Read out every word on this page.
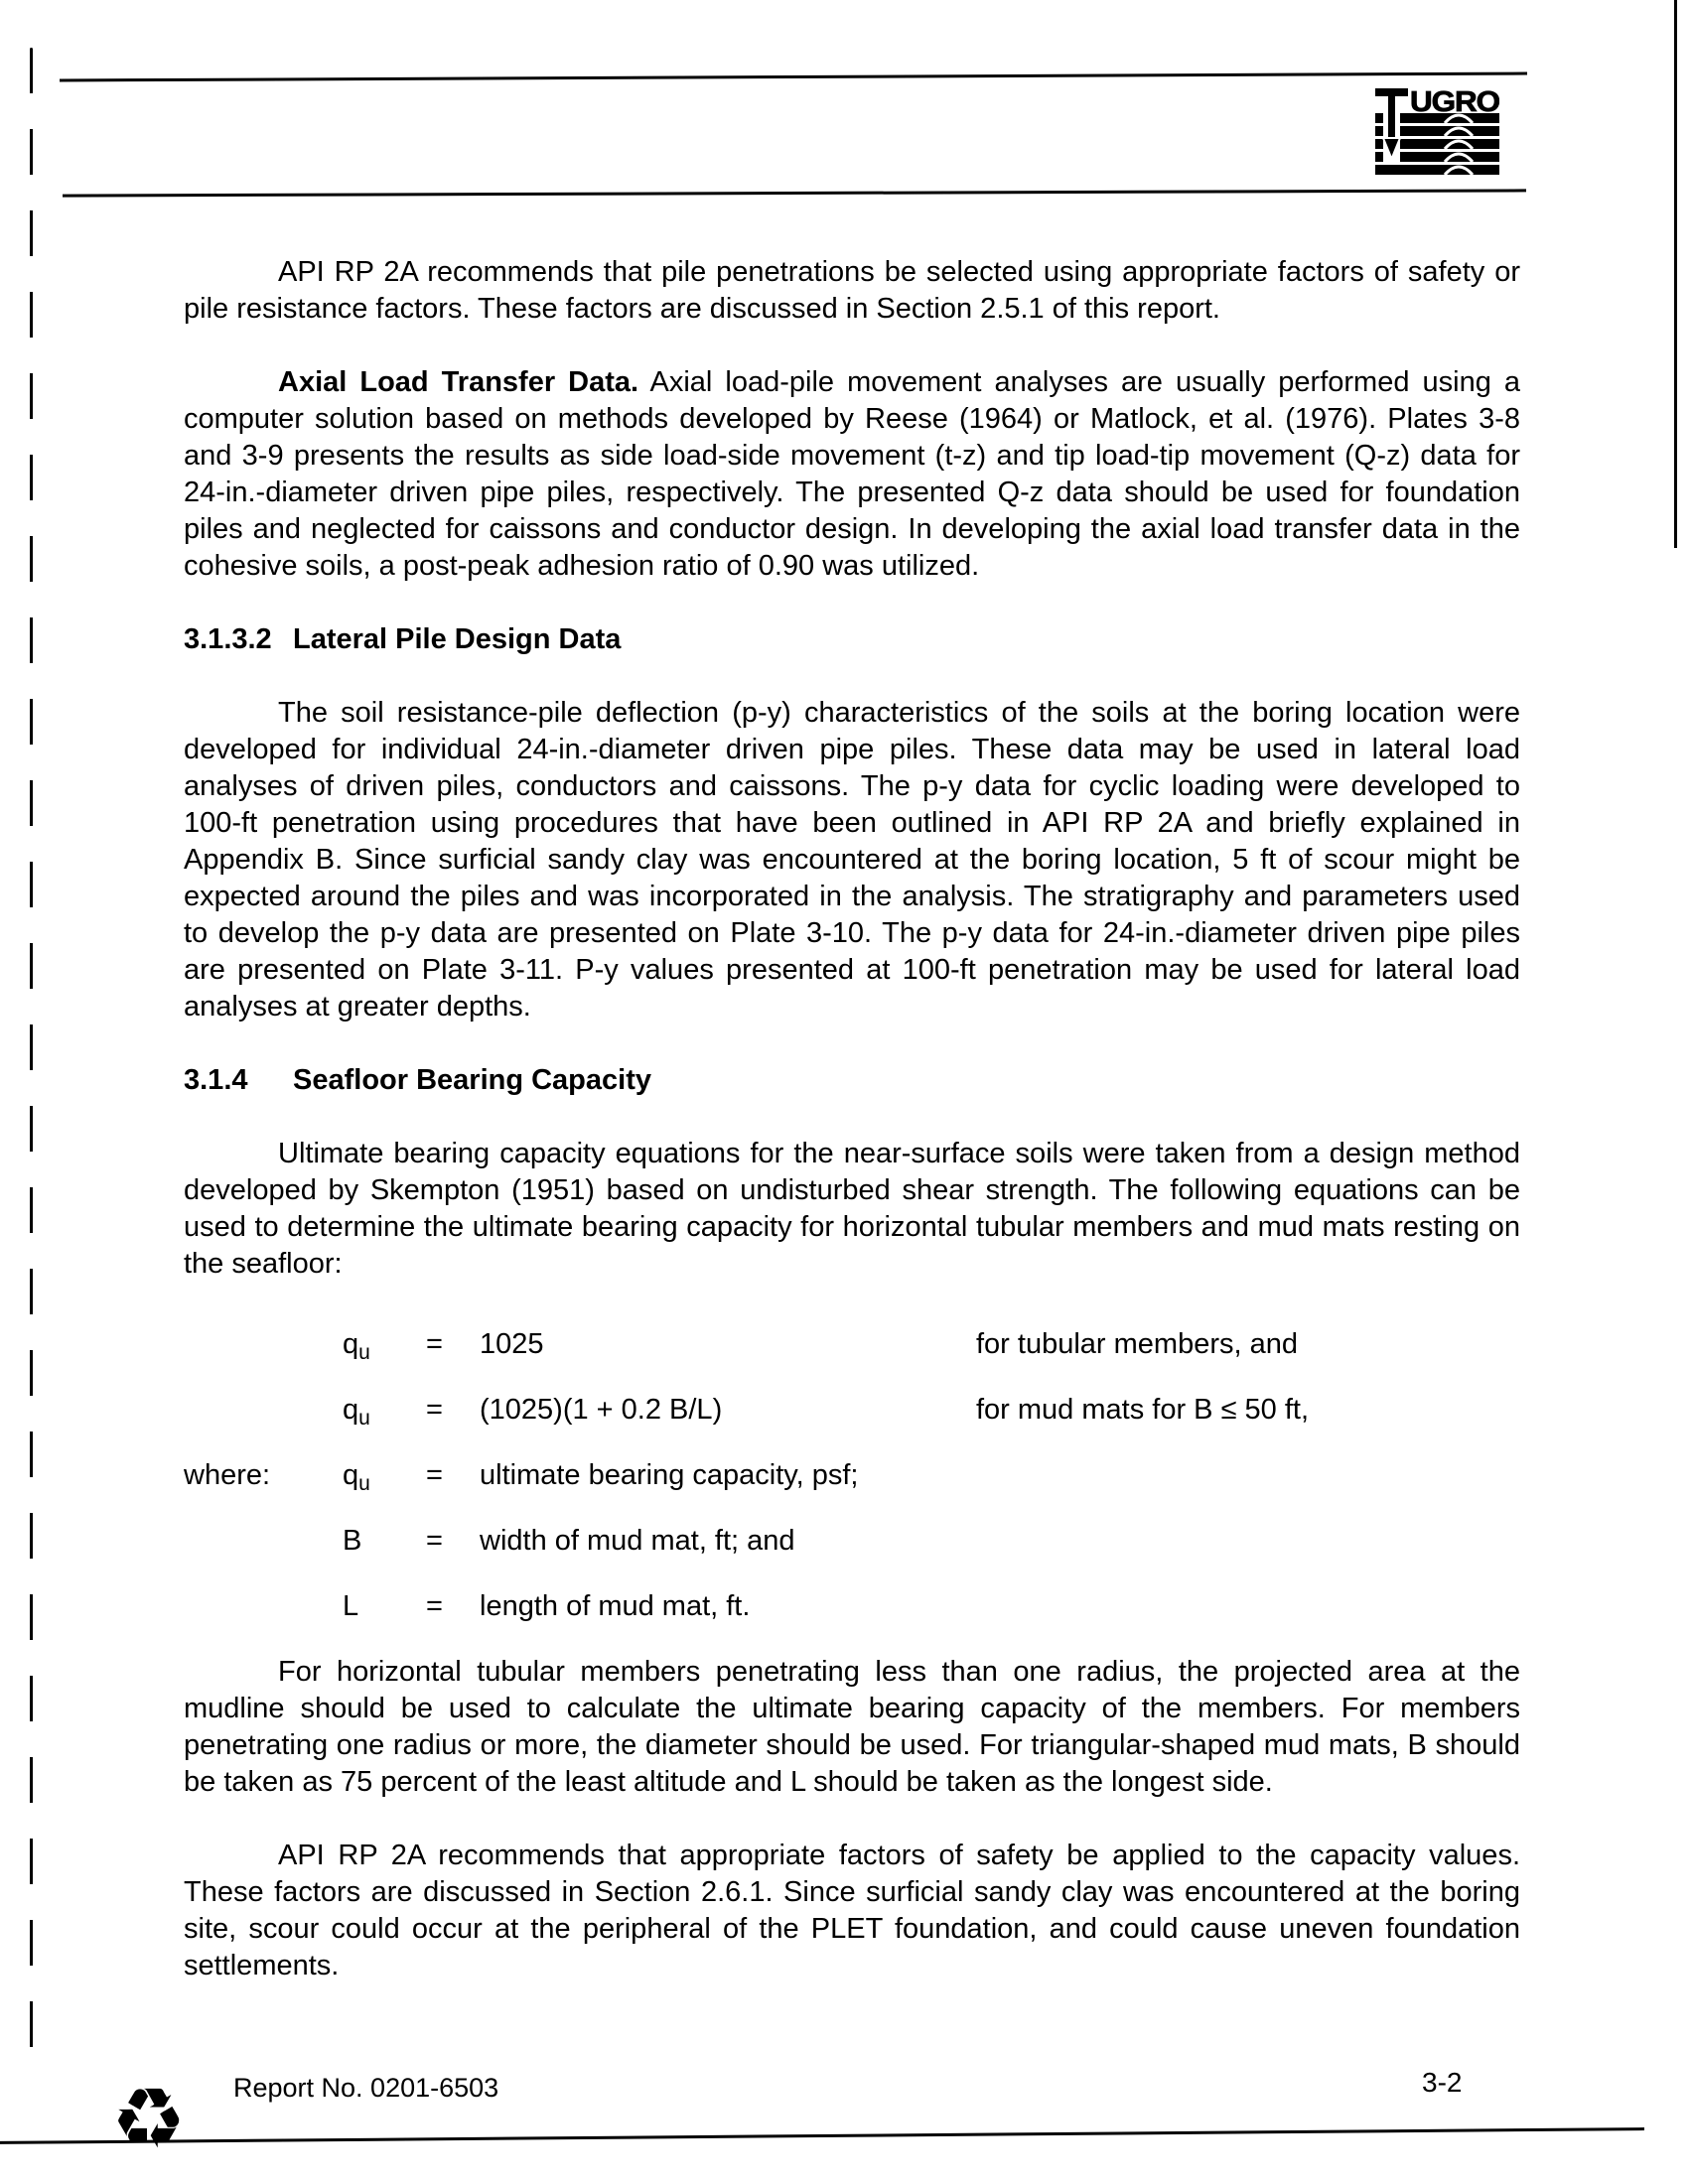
UGRO

API RP 2A recommends that pile penetrations be selected using appropriate factors of safety or pile resistance factors. These factors are discussed in Section 2.5.1 of this report.

Axial Load Transfer Data. Axial load-pile movement analyses are usually performed using a computer solution based on methods developed by Reese (1964) or Matlock, et al. (1976). Plates 3-8 and 3-9 presents the results as side load-side movement (t-z) and tip load-tip movement (Q-z) data for 24-in.-diameter driven pipe piles, respectively. The presented Q-z data should be used for foundation piles and neglected for caissons and conductor design. In developing the axial load transfer data in the cohesive soils, a post-peak adhesion ratio of 0.90 was utilized.

3.1.3.2 Lateral Pile Design Data

The soil resistance-pile deflection (p-y) characteristics of the soils at the boring location were developed for individual 24-in.-diameter driven pipe piles. These data may be used in lateral load analyses of driven piles, conductors and caissons. The p-y data for cyclic loading were developed to 100-ft penetration using procedures that have been outlined in API RP 2A and briefly explained in Appendix B. Since surficial sandy clay was encountered at the boring location, 5 ft of scour might be expected around the piles and was incorporated in the analysis. The stratigraphy and parameters used to develop the p-y data are presented on Plate 3-10. The p-y data for 24-in.-diameter driven pipe piles are presented on Plate 3-11. P-y values presented at 100-ft penetration may be used for lateral load analyses at greater depths.

3.1.4 Seafloor Bearing Capacity

Ultimate bearing capacity equations for the near-surface soils were taken from a design method developed by Skempton (1951) based on undisturbed shear strength. The following equations can be used to determine the ultimate bearing capacity for horizontal tubular members and mud mats resting on the seafloor:

$q_u$	=	1025	for tubular members, and
$q_u$	=	(1025)(1 + 0.2 B/L)	for mud mats for B ≤ 50 ft,
where:	$q_u$	=	ultimate bearing capacity, psf;
B	=	width of mud mat, ft; and
L	=	length of mud mat, ft.

For horizontal tubular members penetrating less than one radius, the projected area at the mudline should be used to calculate the ultimate bearing capacity of the members. For members penetrating one radius or more, the diameter should be used. For triangular-shaped mud mats, B should be taken as 75 percent of the least altitude and L should be taken as the longest side.

API RP 2A recommends that appropriate factors of safety be applied to the capacity values. These factors are discussed in Section 2.6.1. Since surficial sandy clay was encountered at the boring site, scour could occur at the peripheral of the PLET foundation, and could cause uneven foundation settlements.

Report No. 0201-6503	3-2
♻
